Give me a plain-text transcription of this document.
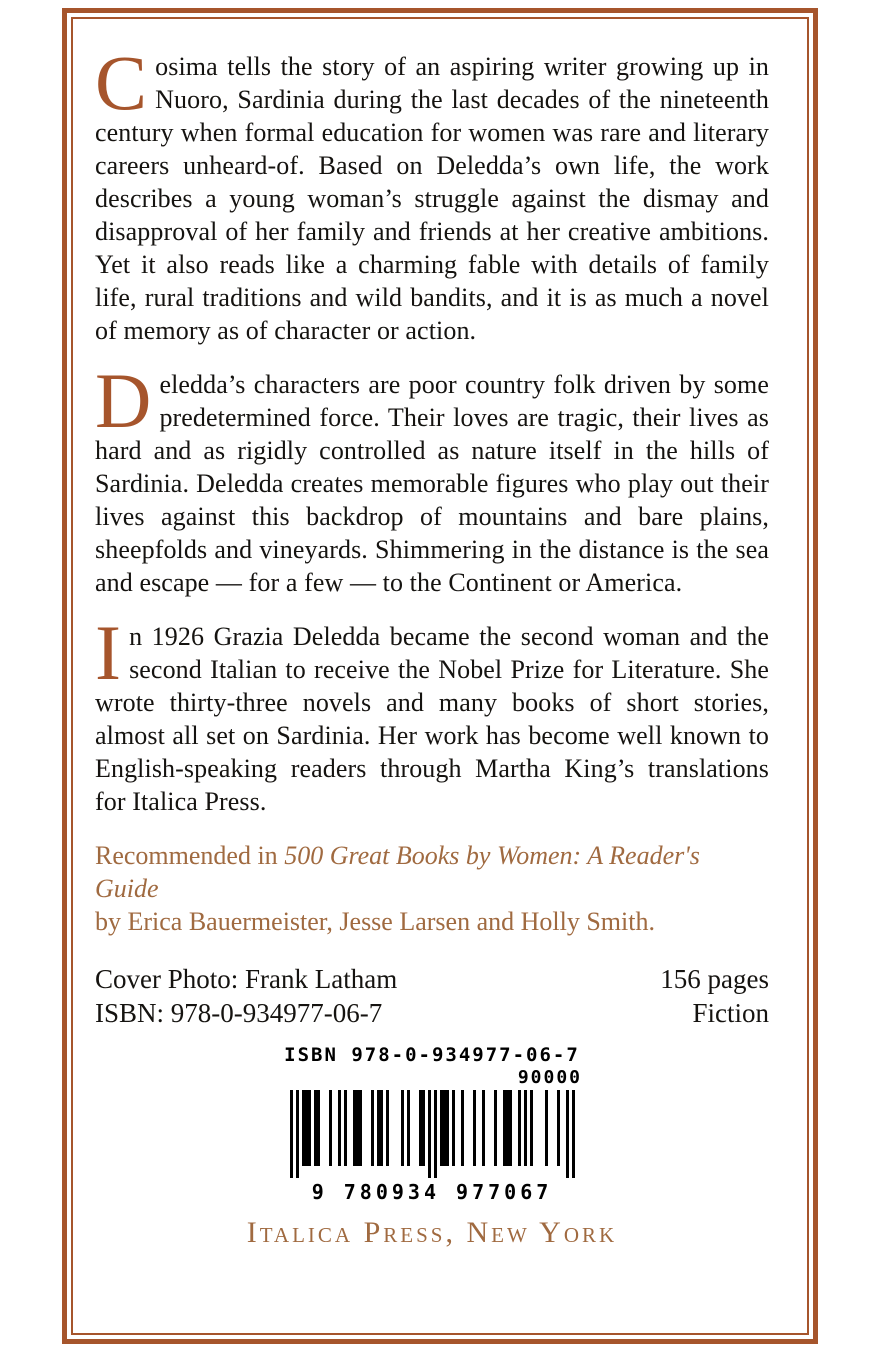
Cosima tells the story of an aspiring writer growing up in Nuoro, Sardinia during the last decades of the nineteenth century when formal education for women was rare and literary careers unheard-of. Based on Deledda’s own life, the work describes a young woman’s struggle against the dismay and disapproval of her family and friends at her creative ambitions. Yet it also reads like a charming fable with details of family life, rural traditions and wild bandits, and it is as much a novel of memory as of character or action.

Deledda’s characters are poor country folk driven by some predetermined force. Their loves are tragic, their lives as hard and as rigidly controlled as nature itself in the hills of Sardinia. Deledda creates memorable figures who play out their lives against this backdrop of mountains and bare plains, sheepfolds and vineyards. Shimmering in the distance is the sea and escape — for a few — to the Continent or America.

In 1926 Grazia Deledda became the second woman and the second Italian to receive the Nobel Prize for Literature. She wrote thirty-three novels and many books of short stories, almost all set on Sardinia. Her work has become well known to English-speaking readers through Martha King’s translations for Italica Press.

Recommended in 500 Great Books by Women: A Reader's Guide
by Erica Bauermeister, Jesse Larsen and Holly Smith.
Cover Photo: Frank Latham	156 pages
ISBN: 978-0-934977-06-7	Fiction
ISBN 978-0-934977-06-7
90000
9 780934 977067
Italica Press, New York
